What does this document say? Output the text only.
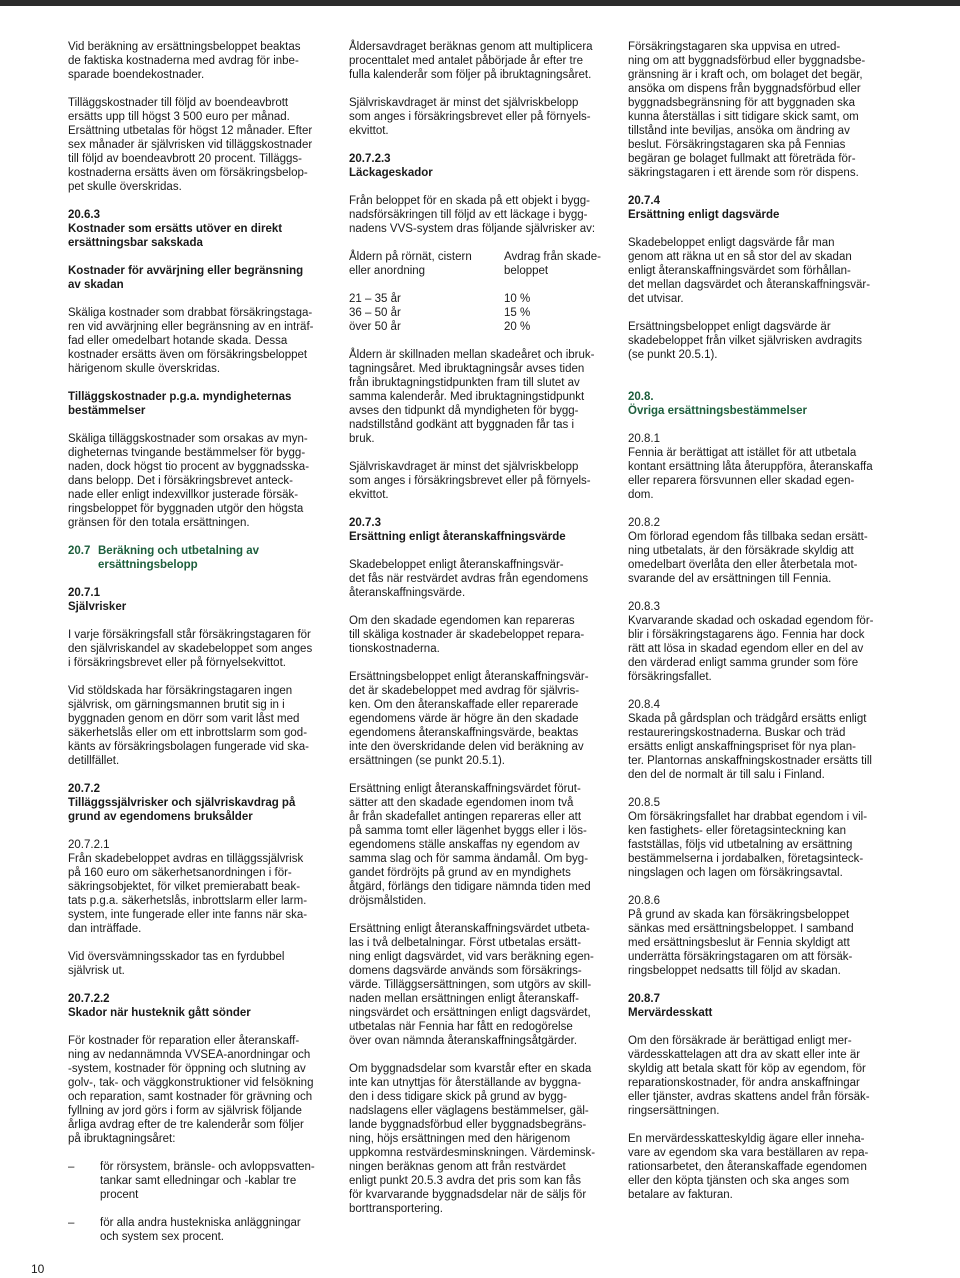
Vid beräkning av ersättningsbeloppet beaktas
de faktiska kostnaderna med avdrag för inbe-
sparade boendekostnader.

Tilläggskostnader till följd av boendeavbrott
ersätts upp till högst 3 500 euro per månad.
Ersättning utbetalas för högst 12 månader. Efter
sex månader är självrisken vid tilläggskostnader
till följd av boendeavbrott 20 procent. Tilläggs-
kostnaderna ersätts även om försäkringsbelop-
pet skulle överskridas.

20.6.3
Kostnader som ersätts utöver en direkt
ersättningsbar sakskada

Kostnader för avvärjning eller begränsning
av skadan

Skäliga kostnader som drabbat försäkringstaga-
ren vid avvärjning eller begränsning av en inträf-
fad eller omedelbart hotande skada. Dessa
kostnader ersätts även om försäkringsbeloppet
härigenom skulle överskridas.

Tilläggskostnader p.g.a. myndigheternas
bestämmelser

Skäliga tilläggskostnader som orsakas av myn-
digheternas tvingande bestämmelser för bygg-
naden, dock högst tio procent av byggnadsska-
dans belopp. Det i försäkringsbrevet anteck-
nade eller enligt indexvillkor justerade försäk-
ringsbeloppet för byggnaden utgör den högsta
gränsen för den totala ersättningen.

20.7 Beräkning och utbetalning av
ersättningsbelopp
20.7.1
Självrisker

I varje försäkringsfall står försäkringstagaren för
den självriskandel av skadebeloppet som anges
i försäkringsbrevet eller på förnyelsekvittot.

Vid stöldskada har försäkringstagaren ingen
självrisk, om gärningsmannen brutit sig in i
byggnaden genom en dörr som varit låst med
säkerhetslås eller om ett inbrottslarm som god-
känts av försäkringsbolagen fungerade vid ska-
detillfället.

20.7.2
Tilläggssjälvrisker och självriskavdrag på
grund av egendomens bruksålder
20.7.2.1
Från skadebeloppet avdras en tilläggssjälvrisk
på 160 euro om säkerhetsanordningen i för-
säkringsobjektet, för vilket premierabatt beak-
tats p.g.a. säkerhetslås, inbrottslarm eller larm-
system, inte fungerade eller inte fanns när ska-
dan inträffade.

Vid översvämningsskador tas en fyrdubbel
självrisk ut.

20.7.2.2
Skador när husteknik gått sönder

För kostnader för reparation eller återanskaff-
ning av nedannämnda VVSEA-anordningar och
-system, kostnader för öppning och slutning av
golv-, tak- och väggkonstruktioner vid felsökning
och reparation, samt kostnader för grävning och
fyllning av jord görs i form av självrisk följande
årliga avdrag efter de tre kalenderår som följer
på ibruktagningsåret:

–	för rörsystem, bränsle- och avloppsvatten-
tankar samt elledningar och -kablar tre
procent
–	för alla andra hustekniska anläggningar
och system sex procent.

Åldersavdraget beräknas genom att multiplicera
procenttalet med antalet påbörjade år efter tre
fulla kalenderår som följer på ibruktagningsåret.

Självriskavdraget är minst det självriskbelopp
som anges i försäkringsbrevet eller på förnyels-
ekvittot.

20.7.2.3
Läckageskador

Från beloppet för en skada på ett objekt i bygg-
nadsförsäkringen till följd av ett läckage i bygg-
nadens VVS-system dras följande självrisker av:

Åldern på rörnät, cistern
eller anordning	Avdrag från skade-
beloppet

21 – 35 år	10 %
36 – 50 år	15 %
över 50 år	20 %

Åldern är skillnaden mellan skadeåret och ibruk-
tagningsåret. Med ibruktagningsår avses tiden
från ibruktagningstidpunkten fram till slutet av
samma kalenderår. Med ibruktagningstidpunkt
avses den tidpunkt då myndigheten för bygg-
nadstillstånd godkänt att byggnaden får tas i
bruk.

Självriskavdraget är minst det självriskbelopp
som anges i försäkringsbrevet eller på förnyels-
ekvittot.

20.7.3
Ersättning enligt återanskaffningsvärde

Skadebeloppet enligt återanskaffningsvär-
det fås när restvärdet avdras från egendomens
återanskaffningsvärde.

Om den skadade egendomen kan repareras
till skäliga kostnader är skadebeloppet repara-
tionskostnaderna.

Ersättningsbeloppet enligt återanskaffningsvär-
det är skadebeloppet med avdrag för självris-
ken. Om den återanskaffade eller reparerade
egendomens värde är högre än den skadade
egendomens återanskaffningsvärde, beaktas
inte den överskridande delen vid beräkning av
ersättningen (se punkt 20.5.1).

Ersättning enligt återanskaffningsvärdet förut-
sätter att den skadade egendomen inom två
år från skadefallet antingen repareras eller att
på samma tomt eller lägenhet byggs eller i lös-
egendomens ställe anskaffas ny egendom av
samma slag och för samma ändamål. Om byg-
gandet fördröjts på grund av en myndighets
åtgärd, förlängs den tidigare nämnda tiden med
dröjsmålstiden.

Ersättning enligt återanskaffningsvärdet utbeta-
las i två delbetalningar. Först utbetalas ersätt-
ning enligt dagsvärdet, vid vars beräkning egen-
domens dagsvärde används som försäkrings-
värde. Tilläggsersättningen, som utgörs av skill-
naden mellan ersättningen enligt återanskaff-
ningsvärdet och ersättningen enligt dagsvärdet,
utbetalas när Fennia har fått en redogörelse
över ovan nämnda återanskaffningsåtgärder.

Om byggnadsdelar som kvarstår efter en skada
inte kan utnyttjas för återställande av byggna-
den i dess tidigare skick på grund av bygg-
nadslagens eller väglagens bestämmelser, gäl-
lande byggnadsförbud eller byggnadsbegräns-
ning, höjs ersättningen med den härigenom
uppkomna restvärdesminskningen. Värdeminsk-
ningen beräknas genom att från restvärdet
enligt punkt 20.5.3 avdra det pris som kan fås
för kvarvarande byggnadsdelar när de säljs för
borttransportering.

Försäkringstagaren ska uppvisa en utred-
ning om att byggnadsförbud eller byggnadsbe-
gränsning är i kraft och, om bolaget det begär,
ansöka om dispens från byggnadsförbud eller
byggnadsbegränsning för att byggnaden ska
kunna återställas i sitt tidigare skick samt, om
tillstånd inte beviljas, ansöka om ändring av
beslut. Försäkringstagaren ska på Fennias
begäran ge bolaget fullmakt att företräda för-
säkringstagaren i ett ärende som rör dispens.

20.7.4
Ersättning enligt dagsvärde

Skadebeloppet enligt dagsvärde får man
genom att räkna ut en så stor del av skadan
enligt återanskaffningsvärdet som förhållan-
det mellan dagsvärdet och återanskaffningsvär-
det utvisar.

Ersättningsbeloppet enligt dagsvärde är
skadebeloppet från vilket självrisken avdragits
(se punkt 20.5.1).

20.8.
Övriga ersättningsbestämmelser

20.8.1
Fennia är berättigat att istället för att utbetala
kontant ersättning låta återuppföra, återanskaffa
eller reparera försvunnen eller skadad egen-
dom.
20.8.2
Om förlorad egendom fås tillbaka sedan ersätt-
ning utbetalats, är den försäkrade skyldig att
omedelbart överlåta den eller återbetala mot-
svarande del av ersättningen till Fennia.
20.8.3
Kvarvarande skadad och oskadad egendom för-
blir i försäkringstagarens ägo. Fennia har dock
rätt att lösa in skadad egendom eller en del av
den värderad enligt samma grunder som före
försäkringsfallet.
20.8.4
Skada på gårdsplan och trädgård ersätts enligt
restaureringskostnaderna. Buskar och träd
ersätts enligt anskaffningspriset för nya plan-
ter. Plantornas anskaffningskostnader ersätts till
den del de normalt är till salu i Finland.
20.8.5
Om försäkringsfallet har drabbat egendom i vil-
ken fastighets- eller företagsinteckning kan
fastställas, följs vid utbetalning av ersättning
bestämmelserna i jordabalken, företagsinteck-
ningslagen och lagen om försäkringsavtal.
20.8.6
På grund av skada kan försäkringsbeloppet
sänkas med ersättningsbeloppet. I samband
med ersättningsbeslut är Fennia skyldigt att
underrätta försäkringstagaren om att försäk-
ringsbeloppet nedsatts till följd av skadan.
20.8.7
Mervärdesskatt

Om den försäkrade är berättigad enligt mer-
värdesskattelagen att dra av skatt eller inte är
skyldig att betala skatt för köp av egendom, för
reparationskostnader, för andra anskaffningar
eller tjänster, avdras skattens andel från försäk-
ringsersättningen.

En mervärdesskatteskyldig ägare eller inneha-
vare av egendom ska vara beställaren av repa-
rationsarbetet, den återanskaffade egendomen
eller den köpta tjänsten och ska anges som
betalare av fakturan.

10
